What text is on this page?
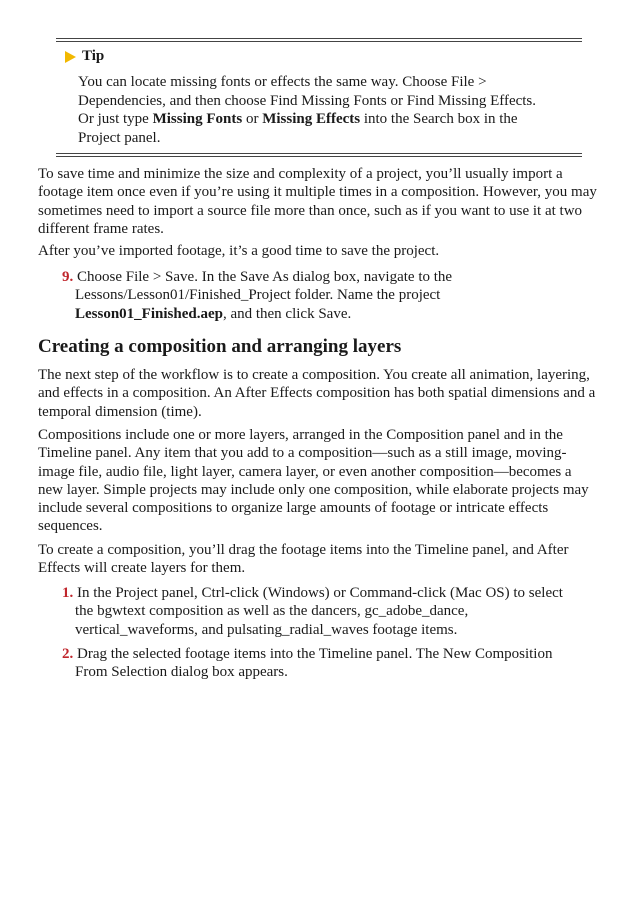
Tip
You can locate missing fonts or effects the same way. Choose File >
Dependencies, and then choose Find Missing Fonts or Find Missing Effects.
Or just type Missing Fonts or Missing Effects into the Search box in the
Project panel.

To save time and minimize the size and complexity of a project, you’ll usually import a footage item once even if you’re using it multiple times in a composition. However, you may sometimes need to import a source file more than once, such as if you want to use it at two different frame rates.

After you’ve imported footage, it’s a good time to save the project.

9. Choose File > Save. In the Save As dialog box, navigate to the
Lessons/Lesson01/Finished_Project folder. Name the project
Lesson01_Finished.aep, and then click Save.
Creating a composition and arranging layers

The next step of the workflow is to create a composition. You create all animation, layering, and effects in a composition. An After Effects composition has both spatial dimensions and a temporal dimension (time).

Compositions include one or more layers, arranged in the Composition panel and in the Timeline panel. Any item that you add to a composition—such as a still image, moving-image file, audio file, light layer, camera layer, or even another composition—becomes a new layer. Simple projects may include only one composition, while elaborate projects may include several compositions to organize large amounts of footage or intricate effects sequences.

To create a composition, you’ll drag the footage items into the Timeline panel, and After Effects will create layers for them.

1. In the Project panel, Ctrl-click (Windows) or Command-click (Mac OS) to select
the bgwtext composition as well as the dancers, gc_adobe_dance,
vertical_waveforms, and pulsating_radial_waves footage items.
2. Drag the selected footage items into the Timeline panel. The New Composition
From Selection dialog box appears.
